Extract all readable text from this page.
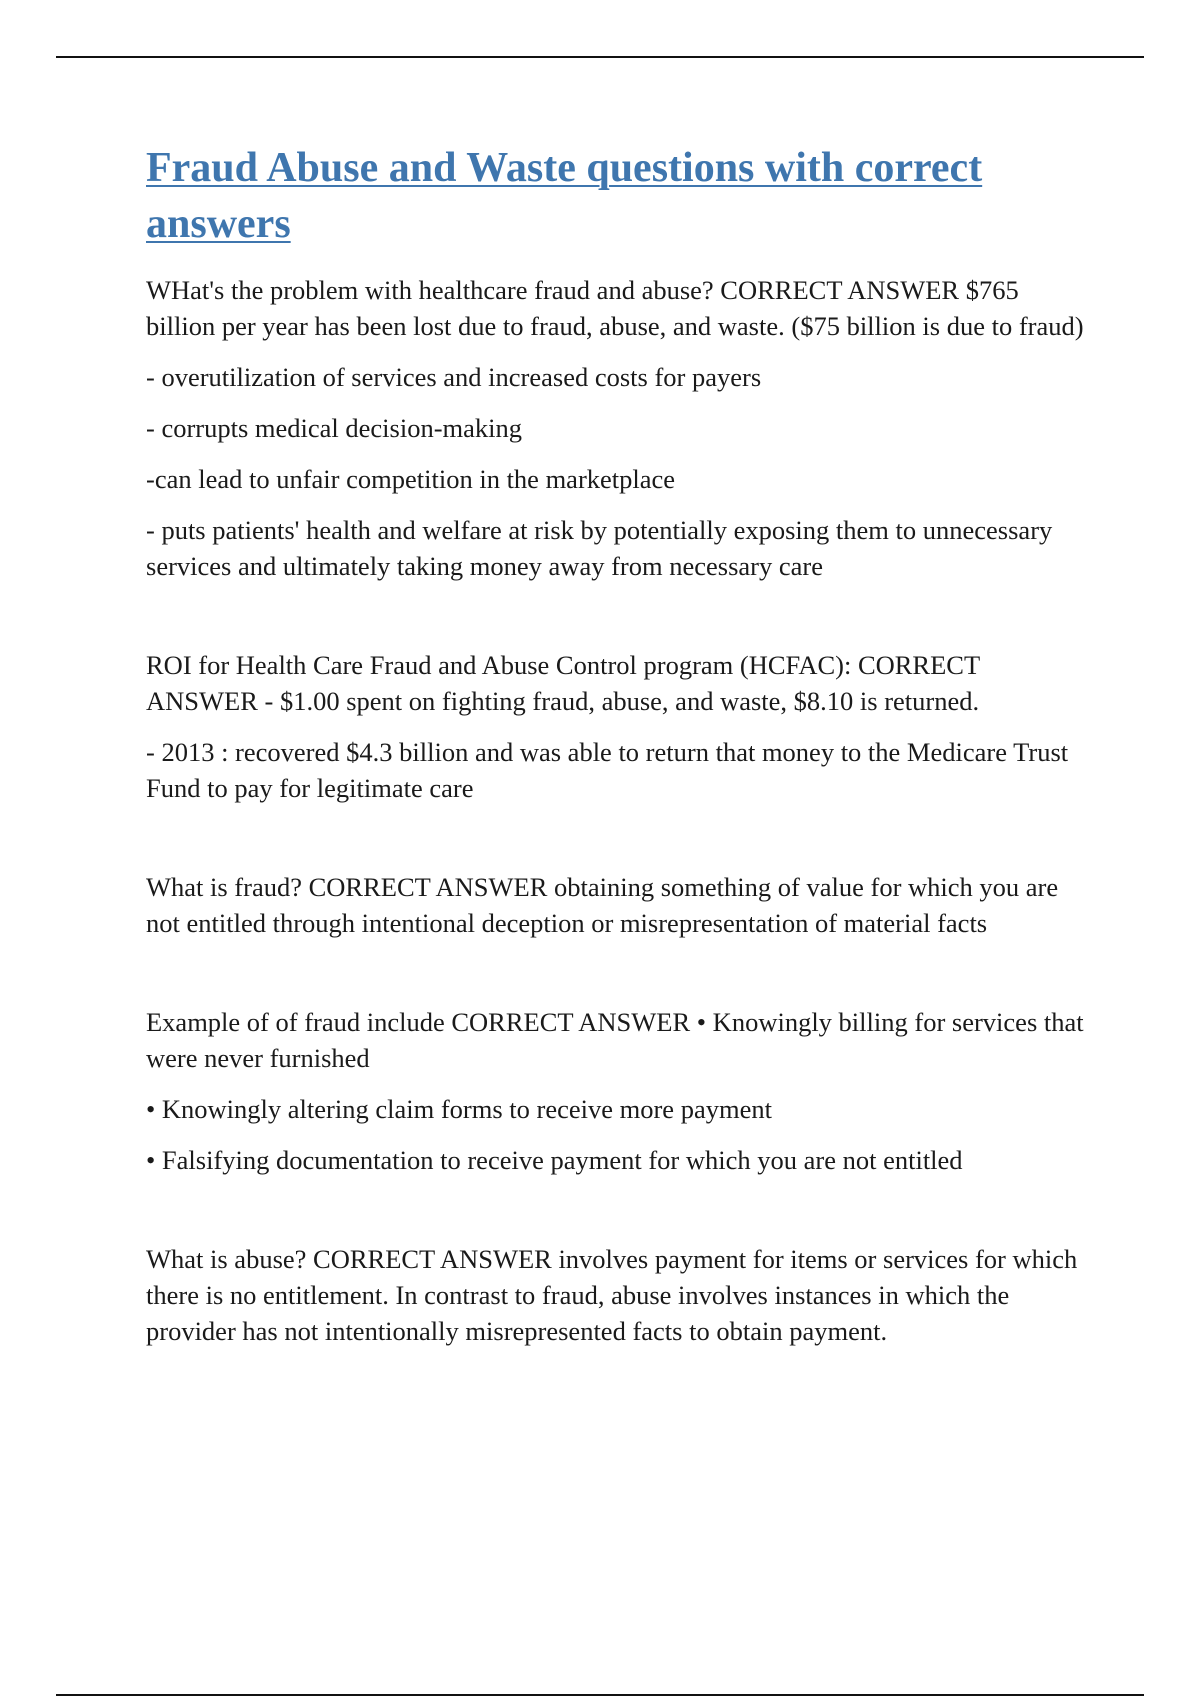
Fraud Abuse and Waste questions with correct answers

WHat's the problem with healthcare fraud and abuse? CORRECT ANSWER $765 billion per year has been lost due to fraud, abuse, and waste. ($75 billion is due to fraud)

- overutilization of services and increased costs for payers

- corrupts medical decision-making

-can lead to unfair competition in the marketplace

- puts patients' health and welfare at risk by potentially exposing them to unnecessary services and ultimately taking money away from necessary care

ROI for Health Care Fraud and Abuse Control program (HCFAC): CORRECT ANSWER - $1.00 spent on fighting fraud, abuse, and waste, $8.10 is returned.

- 2013 : recovered $4.3 billion and was able to return that money to the Medicare Trust Fund to pay for legitimate care

What is fraud? CORRECT ANSWER obtaining something of value for which you are not entitled through intentional deception or misrepresentation of material facts

Example of of fraud include CORRECT ANSWER • Knowingly billing for services that were never furnished

• Knowingly altering claim forms to receive more payment

• Falsifying documentation to receive payment for which you are not entitled

What is abuse? CORRECT ANSWER involves payment for items or services for which there is no entitlement. In contrast to fraud, abuse involves instances in which the provider has not intentionally misrepresented facts to obtain payment.
